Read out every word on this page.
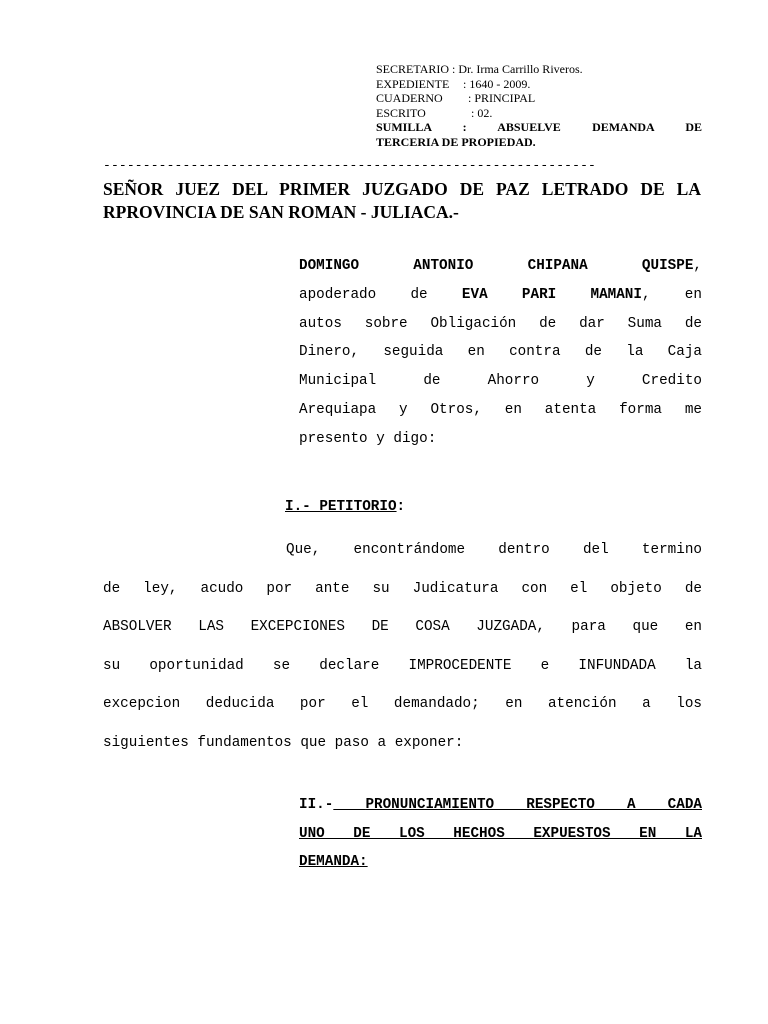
SECRETARIO : Dr. Irma Carrillo Riveros.
EXPEDIENTE	: 1640 - 2009.
CUADERNO	: PRINCIPAL
ESCRITO	: 02.
SUMILLA : ABSUELVE DEMANDA DE
TERCERIA DE PROPIEDAD.
--------------------------------------------------------------
SEÑOR JUEZ DEL PRIMER JUZGADO DE PAZ LETRADO DE LA
RPROVINCIA DE SAN ROMAN - JULIACA.-
DOMINGO ANTONIO CHIPANA QUISPE,
apoderado de EVA PARI MAMANI, en
autos sobre Obligación de dar Suma de
Dinero, seguida en contra de la Caja
Municipal de Ahorro y Credito
Arequiapa y Otros, en atenta forma me
presento y digo:
I.- PETITORIO:
Que, encontrándome dentro del termino
de ley, acudo por ante su Judicatura con el objeto de
ABSOLVER LAS EXCEPCIONES DE COSA JUZGADA, para que en
su oportunidad se declare IMPROCEDENTE e INFUNDADA la
excepcion deducida por el demandado; en atención a los
siguientes fundamentos que paso a exponer:
II.- PRONUNCIAMIENTO RESPECTO A CADA
UNO DE LOS HECHOS EXPUESTOS EN LA
DEMANDA:
